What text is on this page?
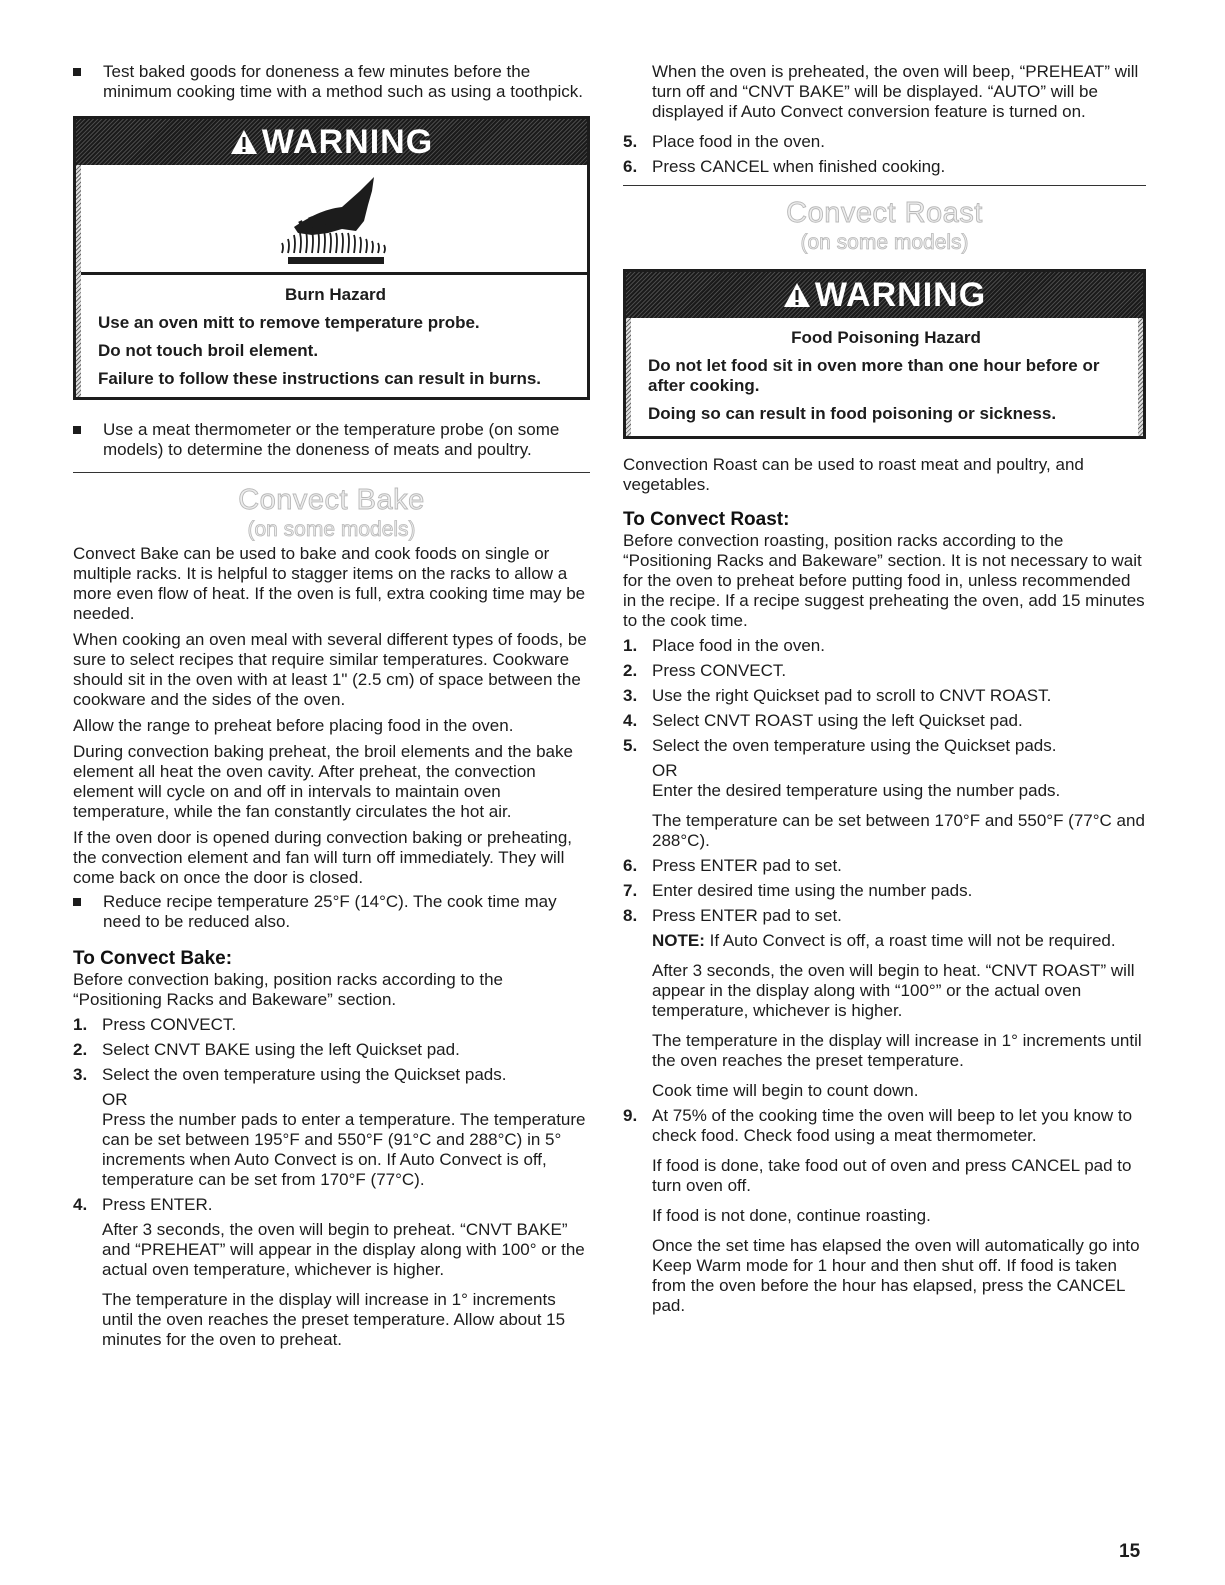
Test baked goods for doneness a few minutes before the minimum cooking time with a method such as using a toothpick.
WARNING
Burn Hazard
Use an oven mitt to remove temperature probe.
Do not touch broil element.
Failure to follow these instructions can result in burns.
Use a meat thermometer or the temperature probe (on some models) to determine the doneness of meats and poultry.
Convect Bake
(on some models)

Convect Bake can be used to bake and cook foods on single or multiple racks. It is helpful to stagger items on the racks to allow a more even flow of heat. If the oven is full, extra cooking time may be needed.

When cooking an oven meal with several different types of foods, be sure to select recipes that require similar temperatures. Cookware should sit in the oven with at least 1" (2.5 cm) of space between the cookware and the sides of the oven.

Allow the range to preheat before placing food in the oven.

During convection baking preheat, the broil elements and the bake element all heat the oven cavity. After preheat, the convection element will cycle on and off in intervals to maintain oven temperature, while the fan constantly circulates the hot air.

If the oven door is opened during convection baking or preheating, the convection element and fan will turn off immediately. They will come back on once the door is closed.

Reduce recipe temperature 25°F (14°C). The cook time may need to be reduced also.
To Convect Bake:

Before convection baking, position racks according to the “Positioning Racks and Bakeware” section.

1. Press CONVECT.
2. Select CNVT BAKE using the left Quickset pad.
3. Select the oven temperature using the Quickset pads.
OR
Press the number pads to enter a temperature. The temperature can be set between 195°F and 550°F (91°C and 288°C) in 5° increments when Auto Convect is on. If Auto Convect is off, temperature can be set from 170°F (77°C).
4. Press ENTER.
After 3 seconds, the oven will begin to preheat. “CNVT BAKE” and “PREHEAT” will appear in the display along with 100° or the actual oven temperature, whichever is higher.
The temperature in the display will increase in 1° increments until the oven reaches the preset temperature. Allow about 15 minutes for the oven to preheat.

When the oven is preheated, the oven will beep, “PREHEAT” will turn off and “CNVT BAKE” will be displayed. “AUTO” will be displayed if Auto Convect conversion feature is turned on.

5. Place food in the oven.
6. Press CANCEL when finished cooking.
Convect Roast
(on some models)
WARNING
Food Poisoning Hazard
Do not let food sit in oven more than one hour before or after cooking.
Doing so can result in food poisoning or sickness.

Convection Roast can be used to roast meat and poultry, and vegetables.

To Convect Roast:

Before convection roasting, position racks according to the “Positioning Racks and Bakeware” section. It is not necessary to wait for the oven to preheat before putting food in, unless recommended in the recipe. If a recipe suggest preheating the oven, add 15 minutes to the cook time.

1. Place food in the oven.
2. Press CONVECT.
3. Use the right Quickset pad to scroll to CNVT ROAST.
4. Select CNVT ROAST using the left Quickset pad.
5. Select the oven temperature using the Quickset pads.
OR
Enter the desired temperature using the number pads.
The temperature can be set between 170°F and 550°F (77°C and 288°C).
6. Press ENTER pad to set.
7. Enter desired time using the number pads.
8. Press ENTER pad to set.
NOTE: If Auto Convect is off, a roast time will not be required.
After 3 seconds, the oven will begin to heat. “CNVT ROAST” will appear in the display along with “100°” or the actual oven temperature, whichever is higher.
The temperature in the display will increase in 1° increments until the oven reaches the preset temperature.
Cook time will begin to count down.
9. At 75% of the cooking time the oven will beep to let you know to check food. Check food using a meat thermometer.
If food is done, take food out of oven and press CANCEL pad to turn oven off.
If food is not done, continue roasting.
Once the set time has elapsed the oven will automatically go into Keep Warm mode for 1 hour and then shut off. If food is taken from the oven before the hour has elapsed, press the CANCEL pad.
15
